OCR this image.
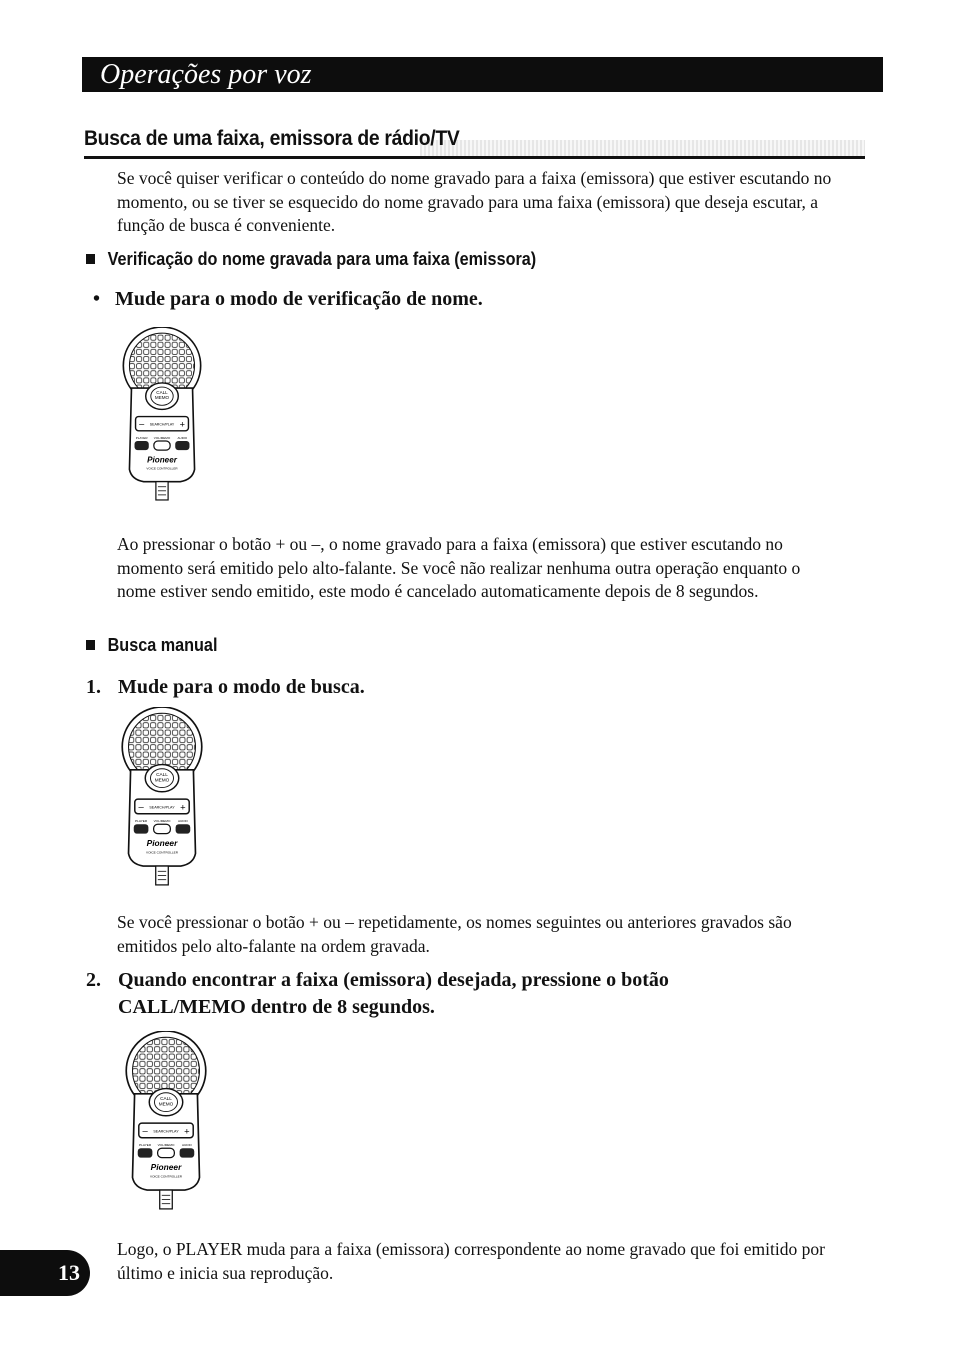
Operações por voz
Busca de uma faixa, emissora de rádio/TV
Se você quiser verificar o conteúdo do nome gravado para a faixa (emissora) que estiver escutando no momento, ou se tiver se esquecido do nome gravado para uma faixa (emissora) que deseja escutar, a função de busca é conveniente.
Verificação do nome gravada para uma faixa (emissora)
• Mude para o modo de verificação de nome.
CALL
MEMO
– SEARCH/PLAY +
PLAYER VOL/MEMO AUDIO
Pioneer
VOICE CONTROLLER
Ao pressionar o botão + ou –, o nome gravado para a faixa (emissora) que estiver escutando no momento será emitido pelo alto-falante. Se você não realizar nenhuma outra operação enquanto o nome estiver sendo emitido, este modo é cancelado automaticamente depois de 8 segundos.
Busca manual
1. Mude para o modo de busca.
CALL
MEMO
– SEARCH/PLAY +
PLAYER VOL/MEMO	AUDIO
Pioneer
VOICE CONTROLLER
Se você pressionar o botão + ou – repetidamente, os nomes seguintes ou anteriores gravados são emitidos pelo alto-falante na ordem gravada.
2. Quando encontrar a faixa (emissora) desejada, pressione o botão CALL/MEMO dentro de 8 segundos.
CALL
MEMO
– SEARCH/PLAY +
PLAYER VOL/MEMO	AUDIO
Pioneer
VOICE CONTROLLER
13
Logo, o PLAYER muda para a faixa (emissora) correspondente ao nome gravado que foi emitido por último e inicia sua reprodução.
